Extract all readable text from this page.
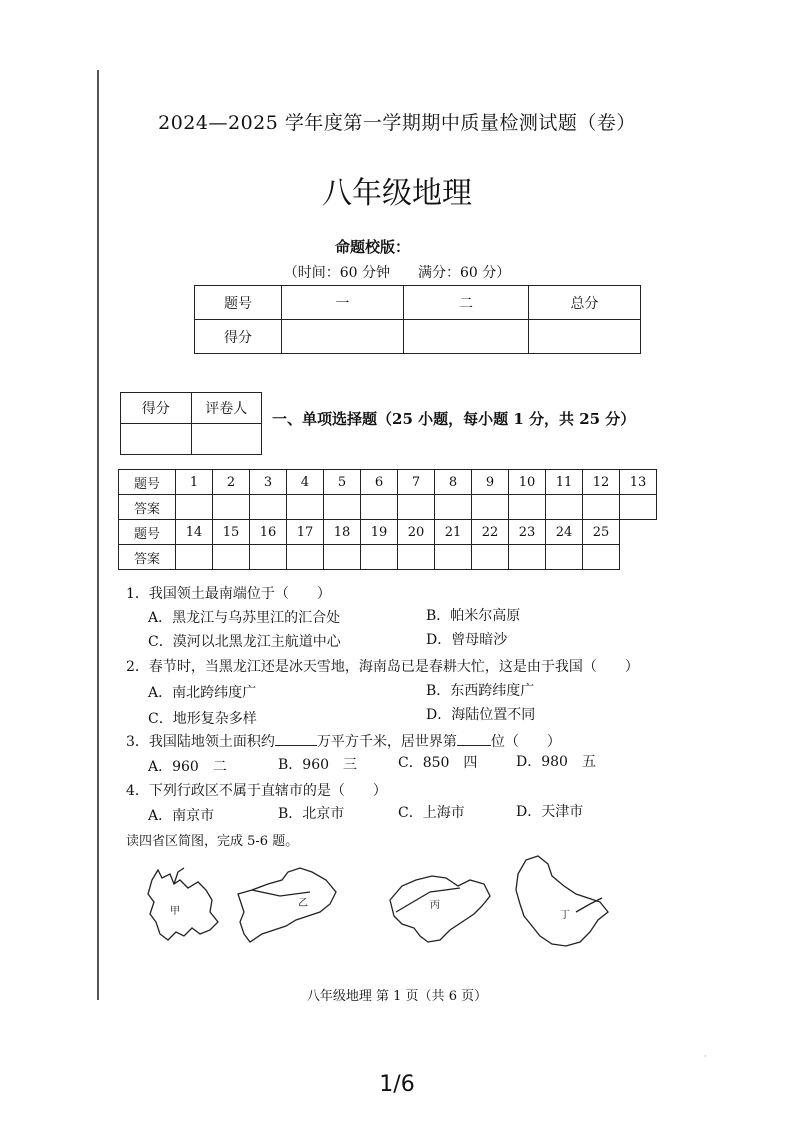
2024—2025 学年度第一学期期中质量检测试题（卷）
八年级地理
命题校版：
（时间：60 分钟　　满分：60 分）
题号	一	二	总分
得分			
得分	评卷人

一、单项选择题（25 小题，每小题 1 分，共 25 分）
题号	1	2	3	4	5	6	7	8	9	10	11	12	13
答案													
题号	14	15	16	17	18	19	20	21	22	23	24	25	
答案													
1．我国领土最南端位于（　　）
A．黑龙江与乌苏里江的汇合处	B．帕米尔高原
C．漠河以北黑龙江主航道中心	D．曾母暗沙
2．春节时，当黑龙江还是冰天雪地，海南岛已是春耕大忙，这是由于我国（　　）
A．南北跨纬度广	B．东西跨纬度广
C．地形复杂多样	D．海陆位置不同
3．我国陆地领土面积约	万平方千米，居世界第 位（　　）
A．960　二	B．960　三	C．850　四	D．980　五
4．下列行政区不属于直辖市的是（　　）
A．南京市	B．北京市	C．上海市	D．天津市
读四省区简图，完成 5-6 题。
甲
乙	丙
丁
八年级地理 第 1 页（共 6 页）
·
1/6
